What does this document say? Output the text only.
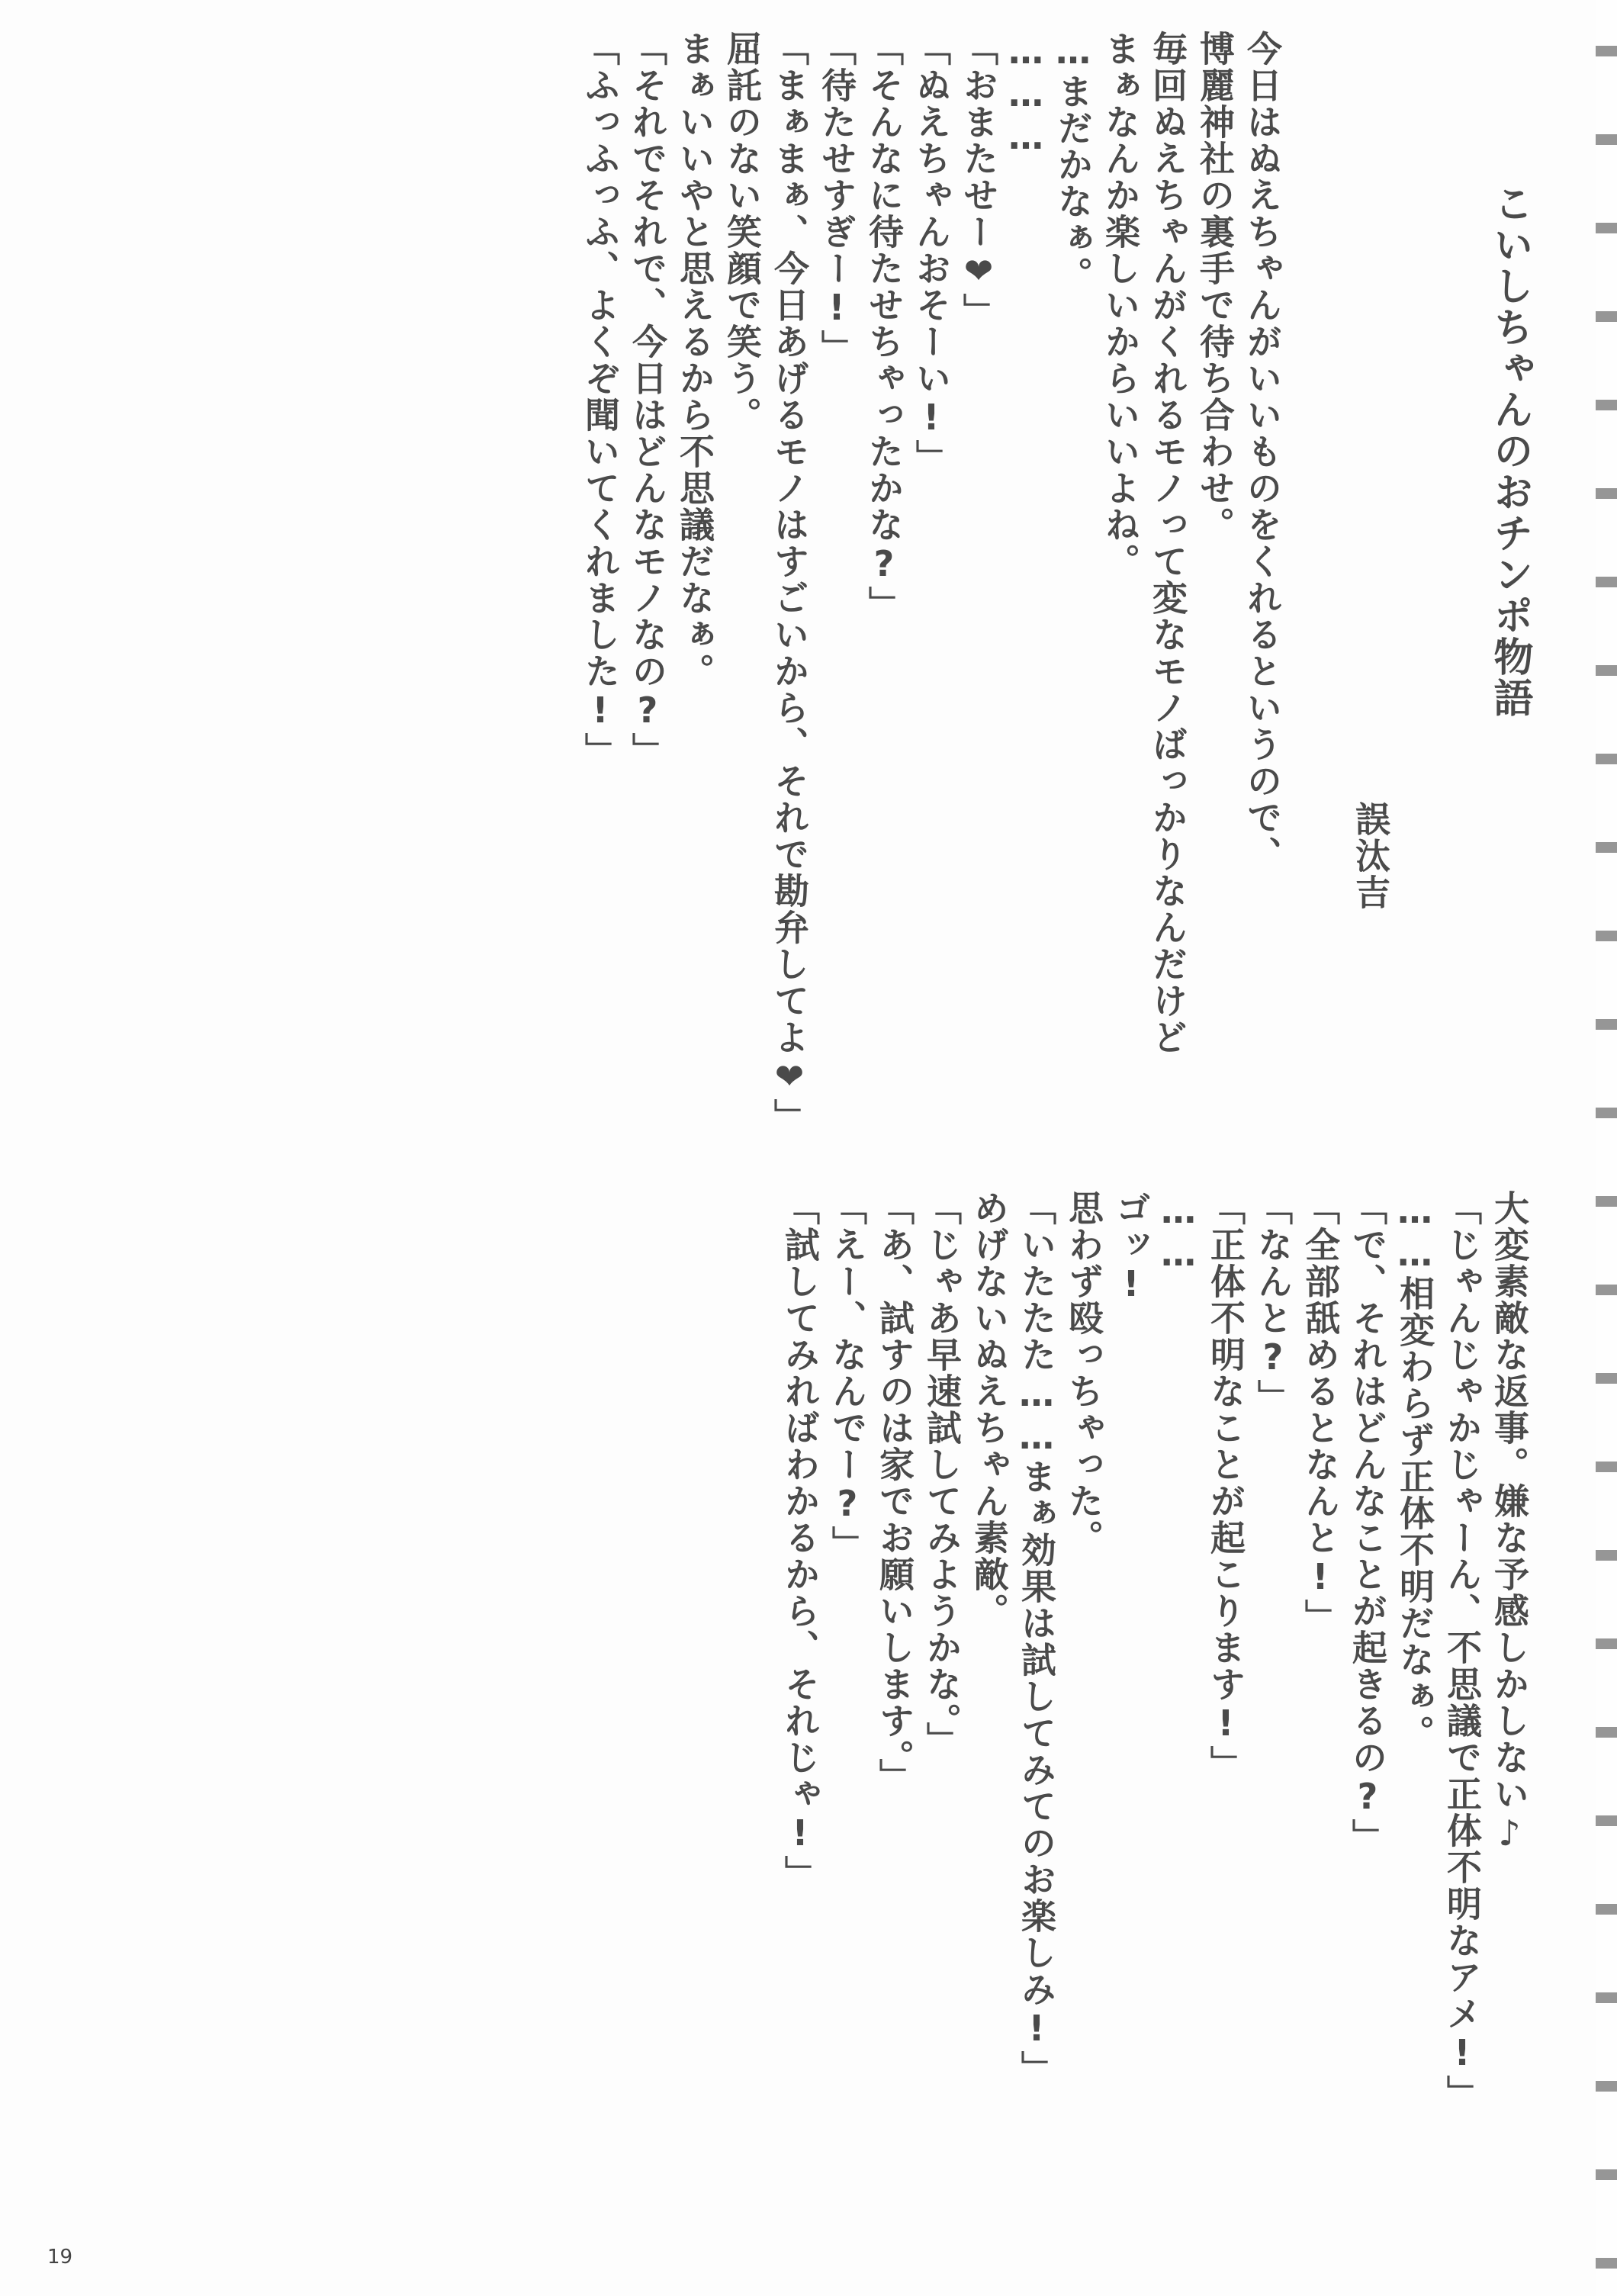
こいしちゃんのおチンポ物語
誤汰吉
今日はぬえちゃんがいいものをくれるというので、
博麗神社の裏手で待ち合わせ。
毎回ぬえちゃんがくれるモノって変なモノばっかりなんだけど
まぁなんか楽しいからいいよね。
…まだかなぁ。
………
「おまたせー❤」
「ぬえちゃんおそーい!」
「そんなに待たせちゃったかな?」
「待たせすぎー!」
「まぁまぁ、今日あげるモノはすごいから、それで勘弁してよ❤」
屈託のない笑顔で笑う。
まぁいいやと思えるから不思議だなぁ。
「それでそれで、今日はどんなモノなの?」
「ふっふっふ、よくぞ聞いてくれました!」
大変素敵な返事。嫌な予感しかしない♪
「じゃんじゃかじゃーん、不思議で正体不明なアメ!」
……相変わらず正体不明だなぁ。
「で、それはどんなことが起きるの?」
「全部舐めるとなんと!」
「なんと?」
「正体不明なことが起こります!」
……
ゴッ!
思わず殴っちゃった。
「いたたた……まぁ効果は試してみてのお楽しみ!」
めげないぬえちゃん素敵。
「じゃあ早速試してみようかな。」
「あ、試すのは家でお願いします。」
「えー、なんでー?」
「試してみればわかるから、それじゃ!」
19
